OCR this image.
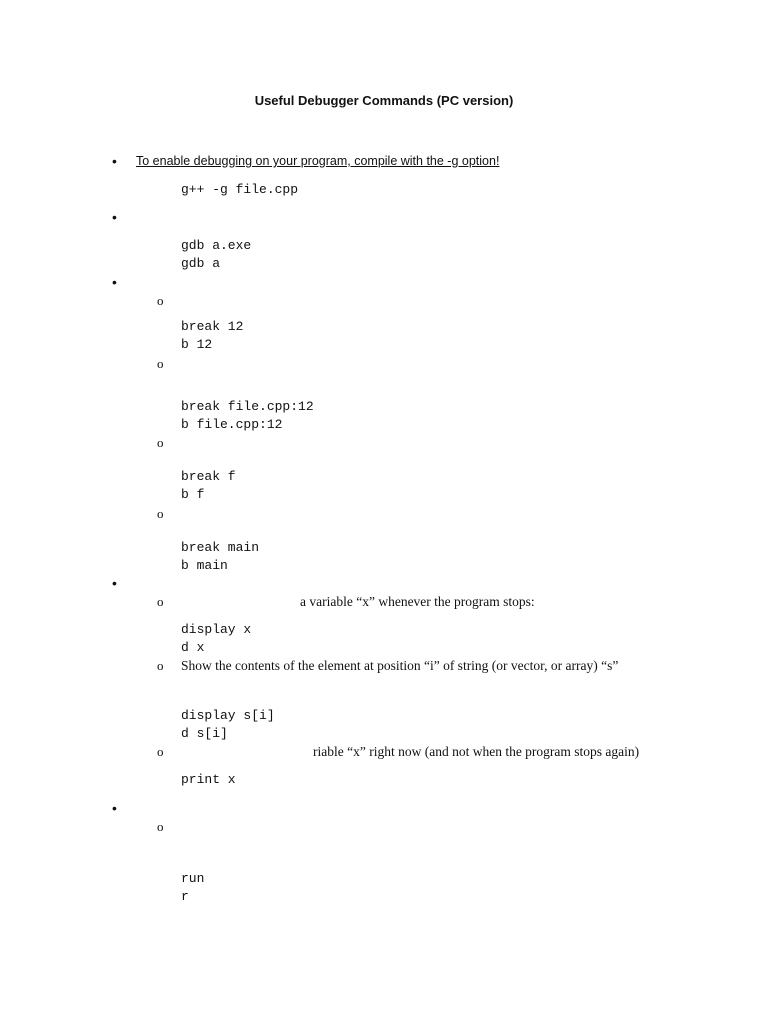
Useful Debugger Commands (PC version)
• To enable debugging on your program, compile with the -g option!
g++ -g file.cpp
•
gdb a.exe
gdb a
•
o
break 12
b 12
o
break file.cpp:12
b file.cpp:12
o
break f
b f
o
break main
b main
•
o	a variable “x” whenever the program stops:
display x
d x
o Show the contents of the element at position “i” of string (or vector, or array) “s”
display s[i]
d s[i]
o	riable “x” right now (and not when the program stops again)
print x
•
o
run
r
